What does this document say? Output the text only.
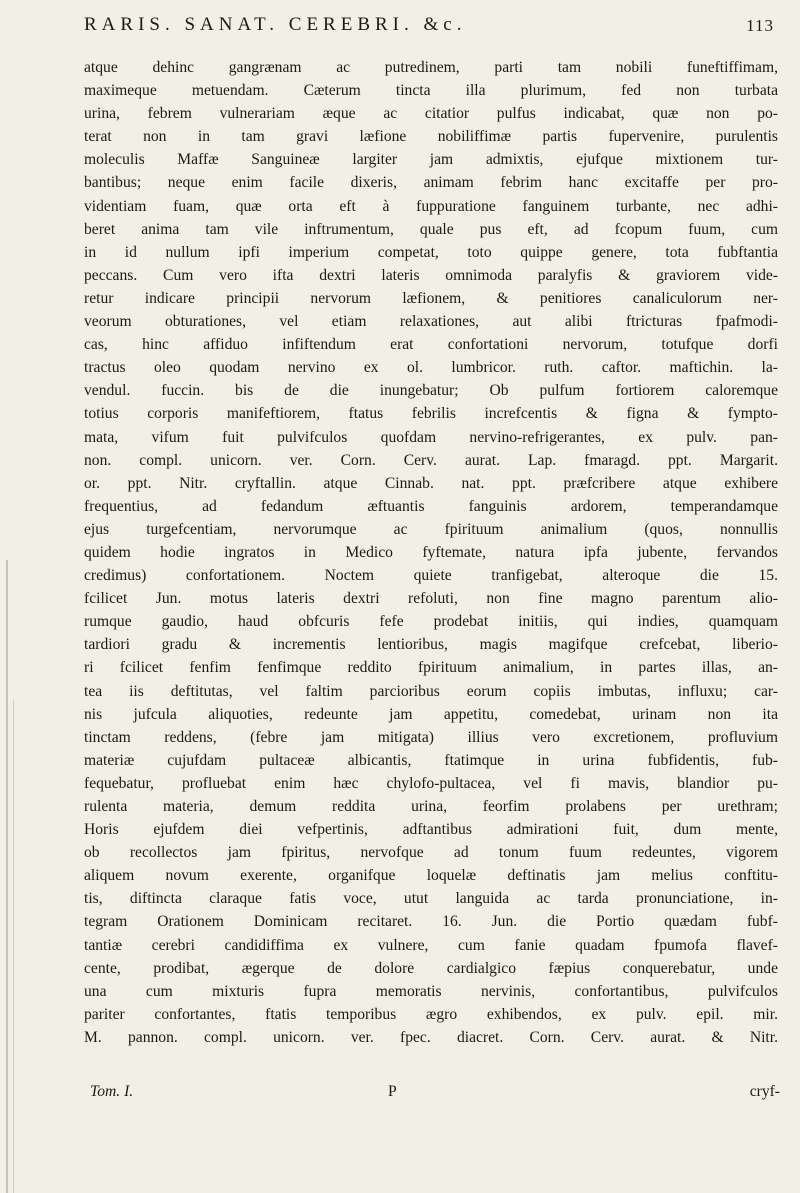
RARIS. SANAT. CEREBRI. &c.	113
atque dehinc gangrænam ac putredinem, parti tam nobili funeftiffimam,
maximeque metuendam. Cæterum tincta illa plurimum, fed non turbata
urina, febrem vulnerariam æque ac citatior pulfus indicabat, quæ non po-
terat non in tam gravi læfione nobiliffimæ partis fupervenire, purulentis
moleculis Maffæ Sanguineæ largiter jam admixtis, ejufque mixtionem tur-
bantibus; neque enim facile dixeris, animam febrim hanc excitaffe per pro-
videntiam fuam, quæ orta eft à fuppuratione fanguinem turbante, nec adhi-
beret anima tam vile inftrumentum, quale pus eft, ad fcopum fuum, cum
in id nullum ipfi imperium competat, toto quippe genere, tota fubftantia
peccans. Cum vero ifta dextri lateris omnimoda paralyfis & graviorem vide-
retur indicare principii nervorum læfionem, & penitiores canaliculorum ner-
veorum obturationes, vel etiam relaxationes, aut alibi ftricturas fpafmodi-
cas, hinc affiduo infiftendum erat confortationi nervorum, totufque dorfi
tractus oleo quodam nervino ex ol. lumbricor. ruth. caftor. maftichin. la-
vendul. fuccin. bis de die inungebatur; Ob pulfum fortiorem caloremque
totius corporis manifeftiorem, ftatus febrilis increfcentis & figna & fympto-
mata, vifum fuit pulvifculos quofdam nervino-refrigerantes, ex pulv. pan-
non. compl. unicorn. ver. Corn. Cerv. aurat. Lap. fmaragd. ppt. Margarit.
or. ppt. Nitr. cryftallin. atque Cinnab. nat. ppt. præfcribere atque exhibere
frequentius, ad fedandum æftuantis fanguinis ardorem, temperandamque
ejus turgefcentiam, nervorumque ac fpirituum animalium (quos, nonnullis
quidem hodie ingratos in Medico fyftemate, natura ipfa jubente, fervandos
credimus) confortationem. Noctem quiete tranfigebat, alteroque die 15.
fcilicet Jun. motus lateris dextri refoluti, non fine magno parentum alio-
rumque gaudio, haud obfcuris fefe prodebat initiis, qui indies, quamquam
tardiori gradu & incrementis lentioribus, magis magifque crefcebat, liberio-
ri fcilicet fenfim fenfimque reddito fpirituum animalium, in partes illas, an-
tea iis deftitutas, vel faltim parcioribus eorum copiis imbutas, influxu; car-
nis jufcula aliquoties, redeunte jam appetitu, comedebat, urinam non ita
tinctam reddens, (febre jam mitigata) illius vero excretionem, profluvium
materiæ cujufdam pultaceæ albicantis, ftatimque in urina fubfidentis, fub-
fequebatur, profluebat enim hæc chylofo-pultacea, vel fi mavis, blandior pu-
rulenta materia, demum reddita urina, feorfim prolabens per urethram;
Horis ejufdem diei vefpertinis, adftantibus admirationi fuit, dum mente,
ob recollectos jam fpiritus, nervofque ad tonum fuum redeuntes, vigorem
aliquem novum exerente, organifque loquelæ deftinatis jam melius conftitu-
tis, diftincta claraque fatis voce, utut languida ac tarda pronunciatione, in-
tegram Orationem Dominicam recitaret. 16. Jun. die Portio quædam fubf-
tantiæ cerebri candidiffima ex vulnere, cum fanie quadam fpumofa flavef-
cente, prodibat, ægerque de dolore cardialgico fæpius conquerebatur, unde
una cum mixturis fupra memoratis nervinis, confortantibus, pulvifculos
pariter confortantes, ftatis temporibus ægro exhibendos, ex pulv. epil. mir.
M. pannon. compl. unicorn. ver. fpec. diacret. Corn. Cerv. aurat. & Nitr.
Tom. I.	P	cryf-
